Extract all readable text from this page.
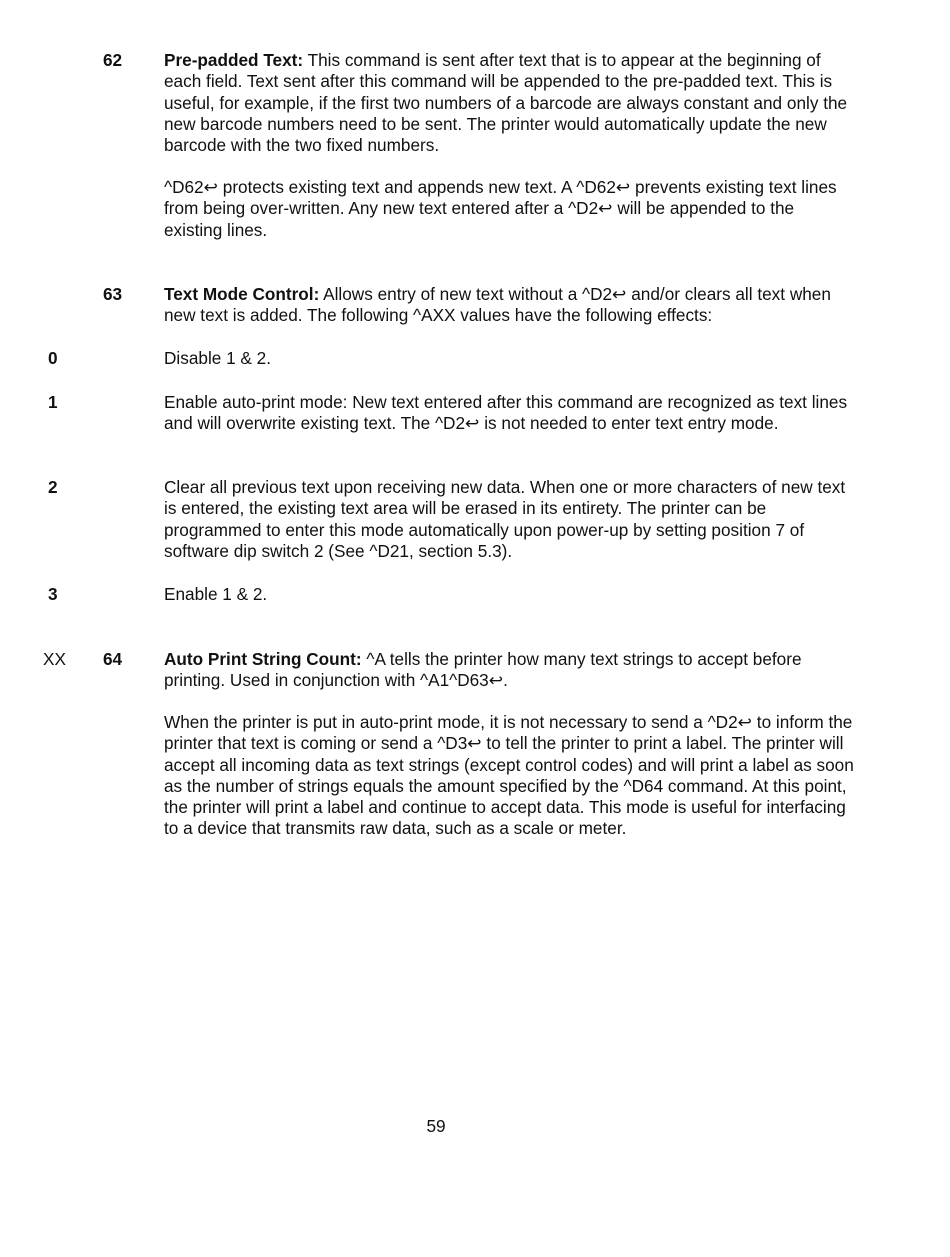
62 Pre-padded Text: This command is sent after text that is to appear at the beginning of each field. Text sent after this command will be appended to the pre-padded text. This is useful, for example, if the first two numbers of a barcode are always constant and only the new barcode numbers need to be sent. The printer would automatically update the new barcode with the two fixed numbers.

^D62↩ protects existing text and appends new text. A ^D62↩ prevents existing text lines from being over-written. Any new text entered after a ^D2↩ will be appended to the existing lines.

63 Text Mode Control: Allows entry of new text without a ^D2↩ and/or clears all text when new text is added. The following ^AXX values have the following effects:

0	Disable 1 & 2.

1	Enable auto-print mode: New text entered after this command are recognized as text lines and will overwrite existing text. The ^D2↩ is not needed to enter text entry mode.

2	Clear all previous text upon receiving new data. When one or more characters of new text is entered, the existing text area will be erased in its entirety. The printer can be programmed to enter this mode automatically upon power-up by setting position 7 of software dip switch 2 (See ^D21, section 5.3).

3	Enable 1 & 2.

XX 64 Auto Print String Count: ^A tells the printer how many text strings to accept before printing. Used in conjunction with ^A1^D63↩.

When the printer is put in auto-print mode, it is not necessary to send a ^D2↩ to inform the printer that text is coming or send a ^D3↩ to tell the printer to print a label. The printer will accept all incoming data as text strings (except control codes) and will print a label as soon as the number of strings equals the amount specified by the ^D64 command. At this point, the printer will print a label and continue to accept data. This mode is useful for interfacing to a device that transmits raw data, such as a scale or meter.

59
